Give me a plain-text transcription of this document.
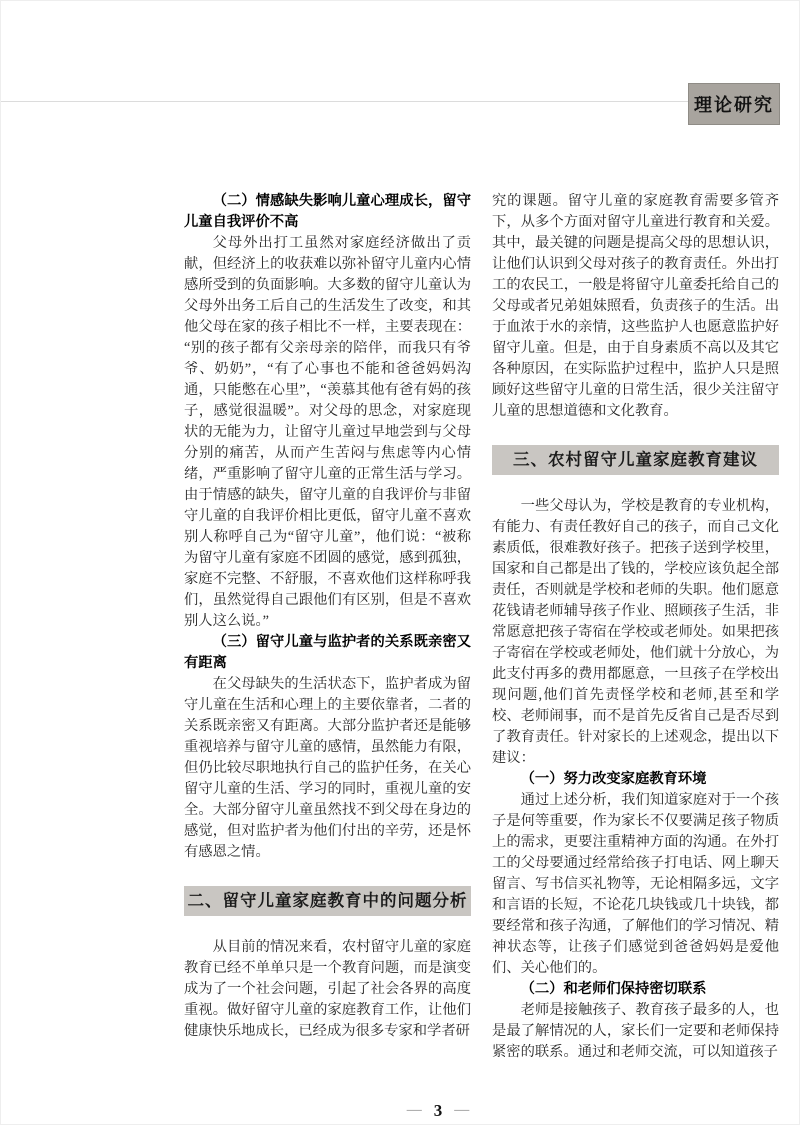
理论研究

（二）情感缺失影响儿童心理成长，留守儿童自我评价不高

父母外出打工虽然对家庭经济做出了贡献，但经济上的收获难以弥补留守儿童内心情感所受到的负面影响。大多数的留守儿童认为父母外出务工后自己的生活发生了改变，和其他父母在家的孩子相比不一样，主要表现在：“别的孩子都有父亲母亲的陪伴，而我只有爷爷、奶奶”，“有了心事也不能和爸爸妈妈沟通，只能憋在心里”，“羡慕其他有爸有妈的孩子，感觉很温暖”。对父母的思念，对家庭现状的无能为力，让留守儿童过早地尝到与父母分别的痛苦，从而产生苦闷与焦虑等内心情绪，严重影响了留守儿童的正常生活与学习。由于情感的缺失，留守儿童的自我评价与非留守儿童的自我评价相比更低，留守儿童不喜欢别人称呼自己为“留守儿童”，他们说：“被称为留守儿童有家庭不团圆的感觉，感到孤独，家庭不完整、不舒服，不喜欢他们这样称呼我们，虽然觉得自己跟他们有区别，但是不喜欢别人这么说。”

（三）留守儿童与监护者的关系既亲密又有距离

在父母缺失的生活状态下，监护者成为留守儿童在生活和心理上的主要依靠者，二者的关系既亲密又有距离。大部分监护者还是能够重视培养与留守儿童的感情，虽然能力有限，但仍比较尽职地执行自己的监护任务，在关心留守儿童的生活、学习的同时，重视儿童的安全。大部分留守儿童虽然找不到父母在身边的感觉，但对监护者为他们付出的辛劳，还是怀有感恩之情。

二、留守儿童家庭教育中的问题分析

从目前的情况来看，农村留守儿童的家庭教育已经不单单只是一个教育问题，而是演变成为了一个社会问题，引起了社会各界的高度重视。做好留守儿童的家庭教育工作，让他们健康快乐地成长，已经成为很多专家和学者研

究的课题。留守儿童的家庭教育需要多管齐下，从多个方面对留守儿童进行教育和关爱。其中，最关键的问题是提高父母的思想认识，让他们认识到父母对孩子的教育责任。外出打工的农民工，一般是将留守儿童委托给自己的父母或者兄弟姐妹照看，负责孩子的生活。出于血浓于水的亲情，这些监护人也愿意监护好留守儿童。但是，由于自身素质不高以及其它各种原因，在实际监护过程中，监护人只是照顾好这些留守儿童的日常生活，很少关注留守儿童的思想道德和文化教育。

三、农村留守儿童家庭教育建议

一些父母认为，学校是教育的专业机构，有能力、有责任教好自己的孩子，而自己文化素质低，很难教好孩子。把孩子送到学校里，国家和自己都是出了钱的，学校应该负起全部责任，否则就是学校和老师的失职。他们愿意花钱请老师辅导孩子作业、照顾孩子生活，非常愿意把孩子寄宿在学校或老师处。如果把孩子寄宿在学校或老师处，他们就十分放心，为此支付再多的费用都愿意，一旦孩子在学校出现问题,他们首先责怪学校和老师,甚至和学校、老师闹事，而不是首先反省自己是否尽到了教育责任。针对家长的上述观念，提出以下建议：

（一）努力改变家庭教育环境

通过上述分析，我们知道家庭对于一个孩子是何等重要，作为家长不仅要满足孩子物质上的需求，更要注重精神方面的沟通。在外打工的父母要通过经常给孩子打电话、网上聊天留言、写书信买礼物等，无论相隔多远，文字和言语的长短，不论花几块钱或几十块钱，都要经常和孩子沟通，了解他们的学习情况、精神状态等，让孩子们感觉到爸爸妈妈是爱他们、关心他们的。

（二）和老师们保持密切联系

老师是接触孩子、教育孩子最多的人，也是最了解情况的人，家长们一定要和老师保持紧密的联系。通过和老师交流，可以知道孩子

— 3 —
